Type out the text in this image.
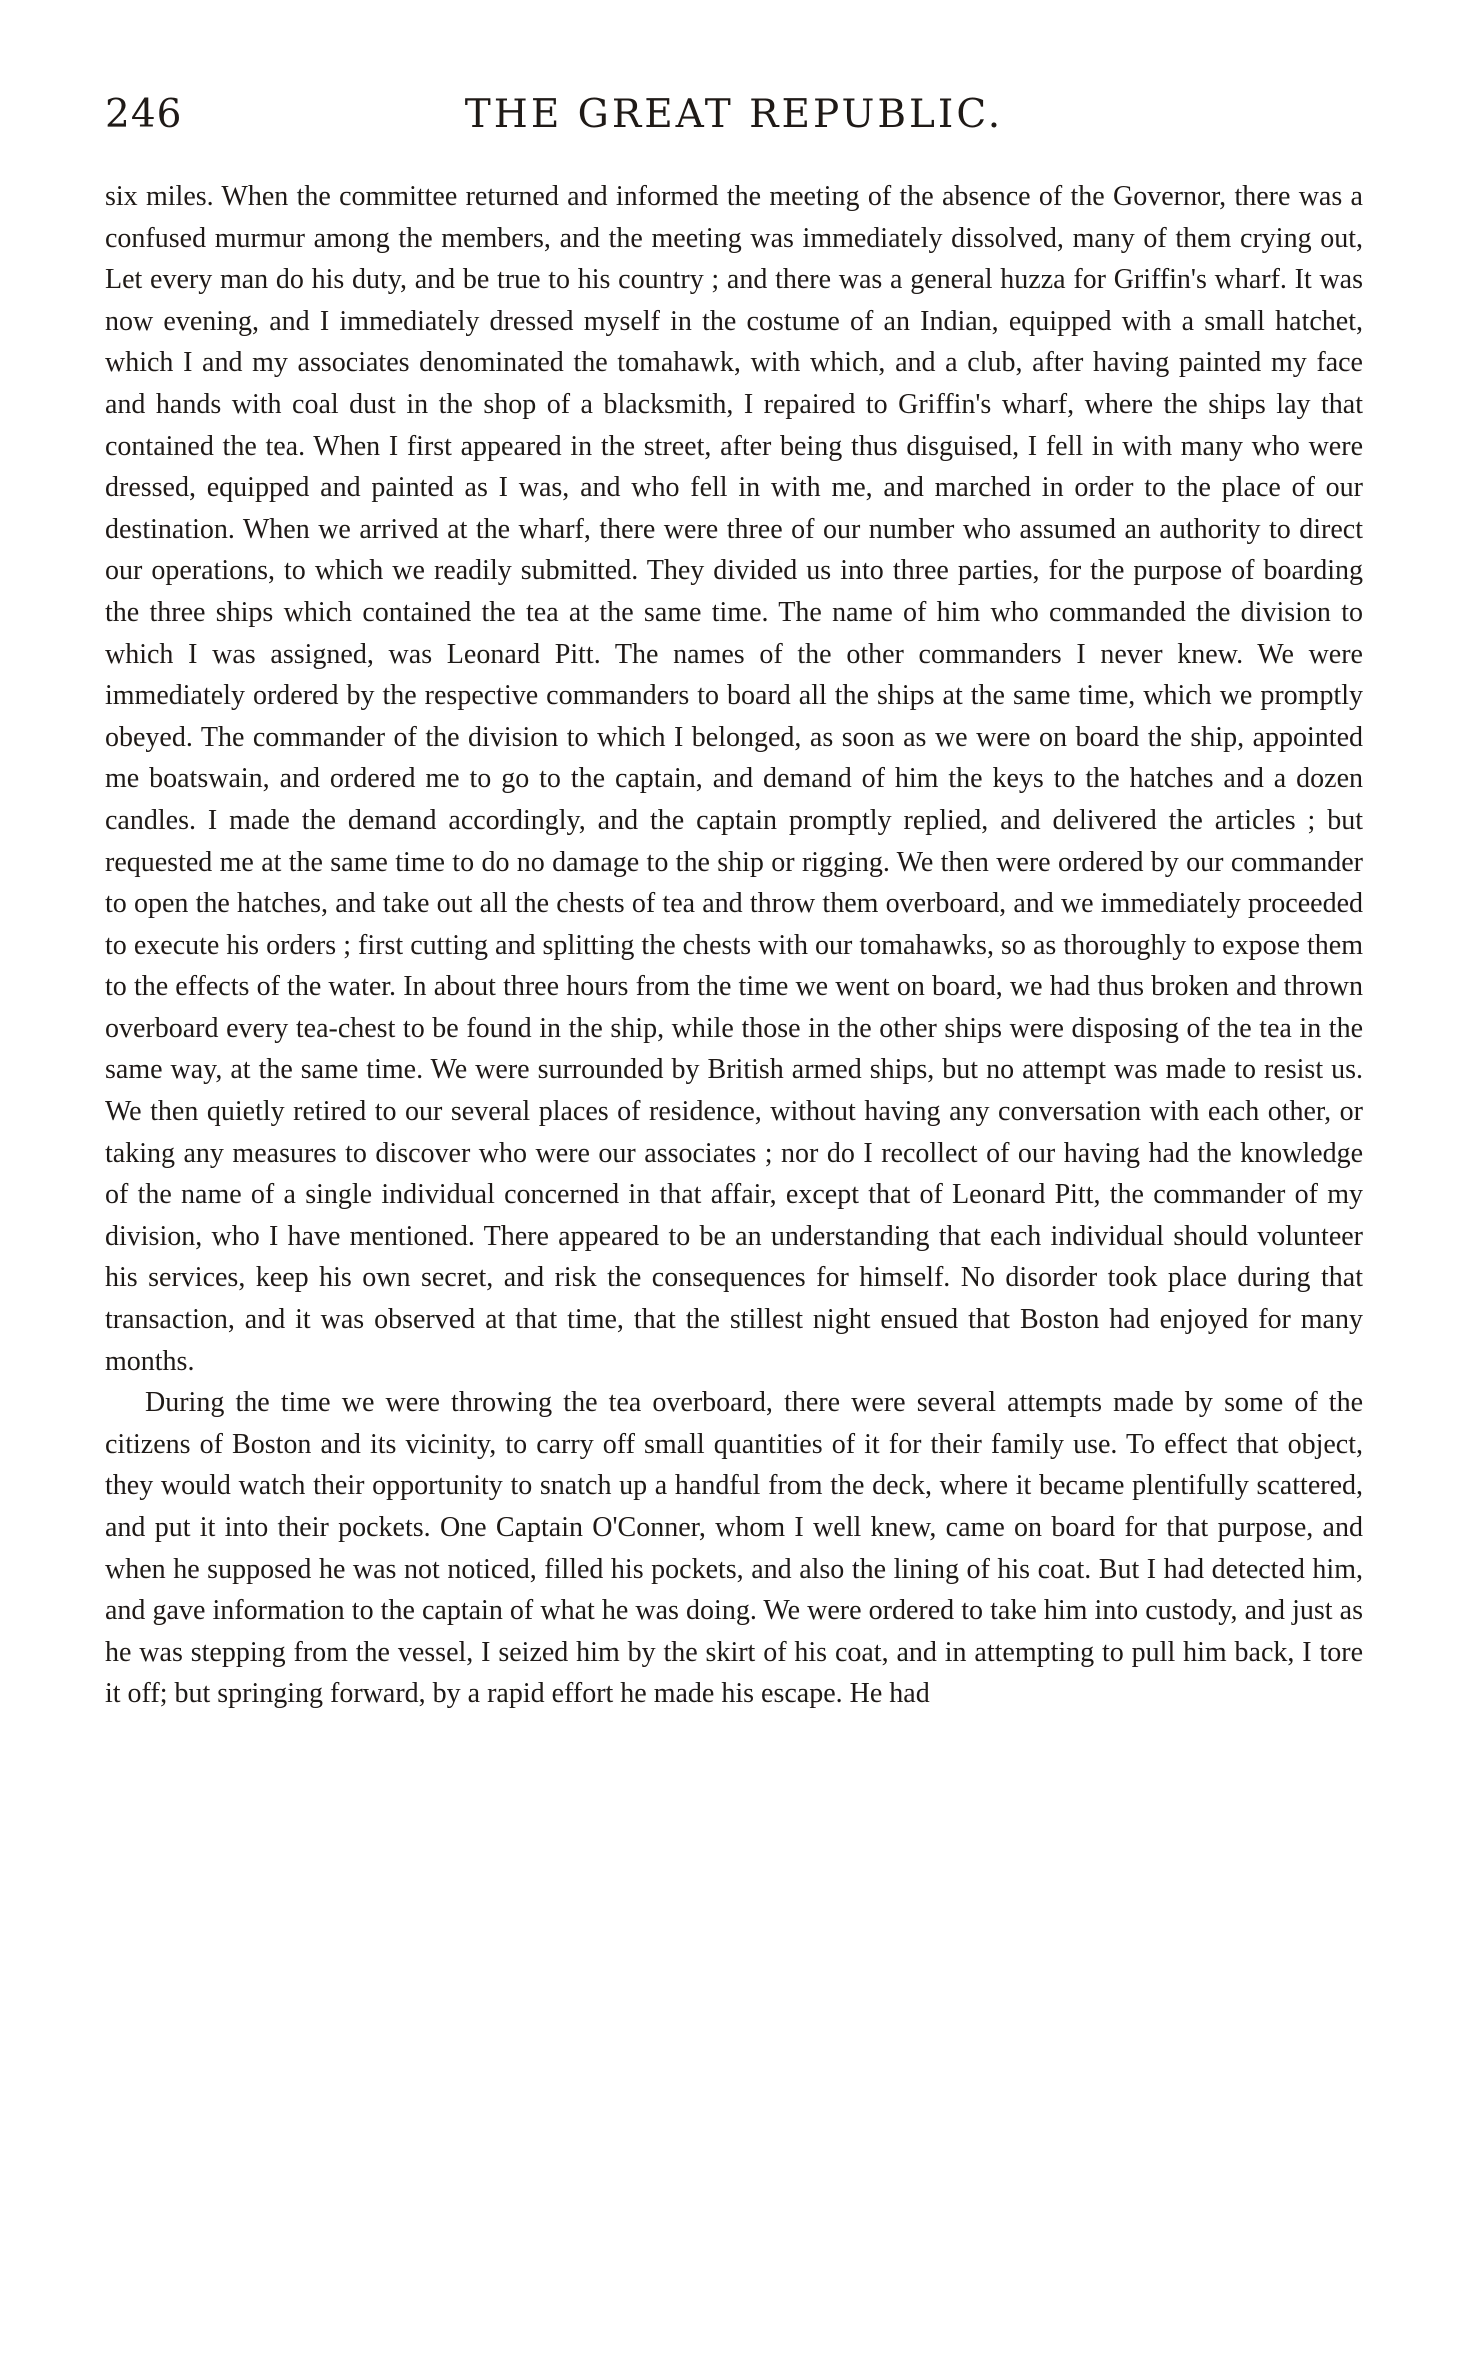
246	THE GREAT REPUBLIC.

six miles. When the committee returned and informed the meeting of the absence of the Governor, there was a confused murmur among the members, and the meeting was immediately dissolved, many of them crying out, Let every man do his duty, and be true to his country ; and there was a general huzza for Griffin's wharf. It was now evening, and I immediately dressed myself in the costume of an Indian, equipped with a small hatchet, which I and my associates denominated the tomahawk, with which, and a club, after having painted my face and hands with coal dust in the shop of a blacksmith, I repaired to Griffin's wharf, where the ships lay that contained the tea. When I first appeared in the street, after being thus disguised, I fell in with many who were dressed, equipped and painted as I was, and who fell in with me, and marched in order to the place of our destination. When we arrived at the wharf, there were three of our number who assumed an authority to direct our operations, to which we readily submitted. They divided us into three parties, for the purpose of boarding the three ships which contained the tea at the same time. The name of him who commanded the division to which I was assigned, was Leonard Pitt. The names of the other commanders I never knew. We were immediately ordered by the respective commanders to board all the ships at the same time, which we promptly obeyed. The commander of the division to which I belonged, as soon as we were on board the ship, appointed me boatswain, and ordered me to go to the captain, and demand of him the keys to the hatches and a dozen candles. I made the demand accordingly, and the captain promptly replied, and delivered the articles ; but requested me at the same time to do no damage to the ship or rigging. We then were ordered by our commander to open the hatches, and take out all the chests of tea and throw them overboard, and we immediately proceeded to execute his orders ; first cutting and splitting the chests with our tomahawks, so as thoroughly to expose them to the effects of the water. In about three hours from the time we went on board, we had thus broken and thrown overboard every tea-chest to be found in the ship, while those in the other ships were disposing of the tea in the same way, at the same time. We were surrounded by British armed ships, but no attempt was made to resist us. We then quietly retired to our several places of residence, without having any conversation with each other, or taking any measures to discover who were our associates ; nor do I recollect of our having had the knowledge of the name of a single individual concerned in that affair, except that of Leonard Pitt, the commander of my division, who I have mentioned. There appeared to be an understanding that each individual should volunteer his services, keep his own secret, and risk the consequences for himself. No disorder took place during that transaction, and it was observed at that time, that the stillest night ensued that Boston had enjoyed for many months.

During the time we were throwing the tea overboard, there were several attempts made by some of the citizens of Boston and its vicinity, to carry off small quantities of it for their family use. To effect that object, they would watch their opportunity to snatch up a handful from the deck, where it became plentifully scattered, and put it into their pockets. One Captain O'Conner, whom I well knew, came on board for that purpose, and when he supposed he was not noticed, filled his pockets, and also the lining of his coat. But I had detected him, and gave information to the captain of what he was doing. We were ordered to take him into custody, and just as he was stepping from the vessel, I seized him by the skirt of his coat, and in attempting to pull him back, I tore it off; but springing forward, by a rapid effort he made his escape. He had
